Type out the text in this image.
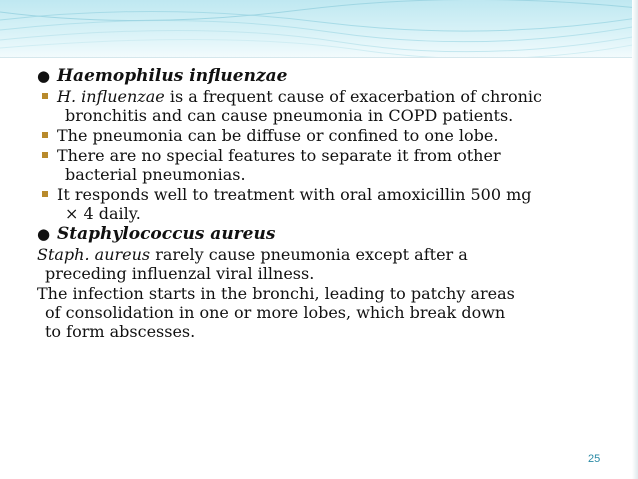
● Haemophilus influenzae
H. influenzae is a frequent cause of exacerbation of chronic
bronchitis and can cause pneumonia in COPD patients.
The pneumonia can be diffuse or confined to one lobe.
There are no special features to separate it from other
bacterial pneumonias.
It responds well to treatment with oral amoxicillin 500 mg
× 4 daily.
● Staphylococcus aureus
Staph. aureus rarely cause pneumonia except after a
preceding influenzal viral illness.
The infection starts in the bronchi, leading to patchy areas
of consolidation in one or more lobes, which break down
to form abscesses.
25
